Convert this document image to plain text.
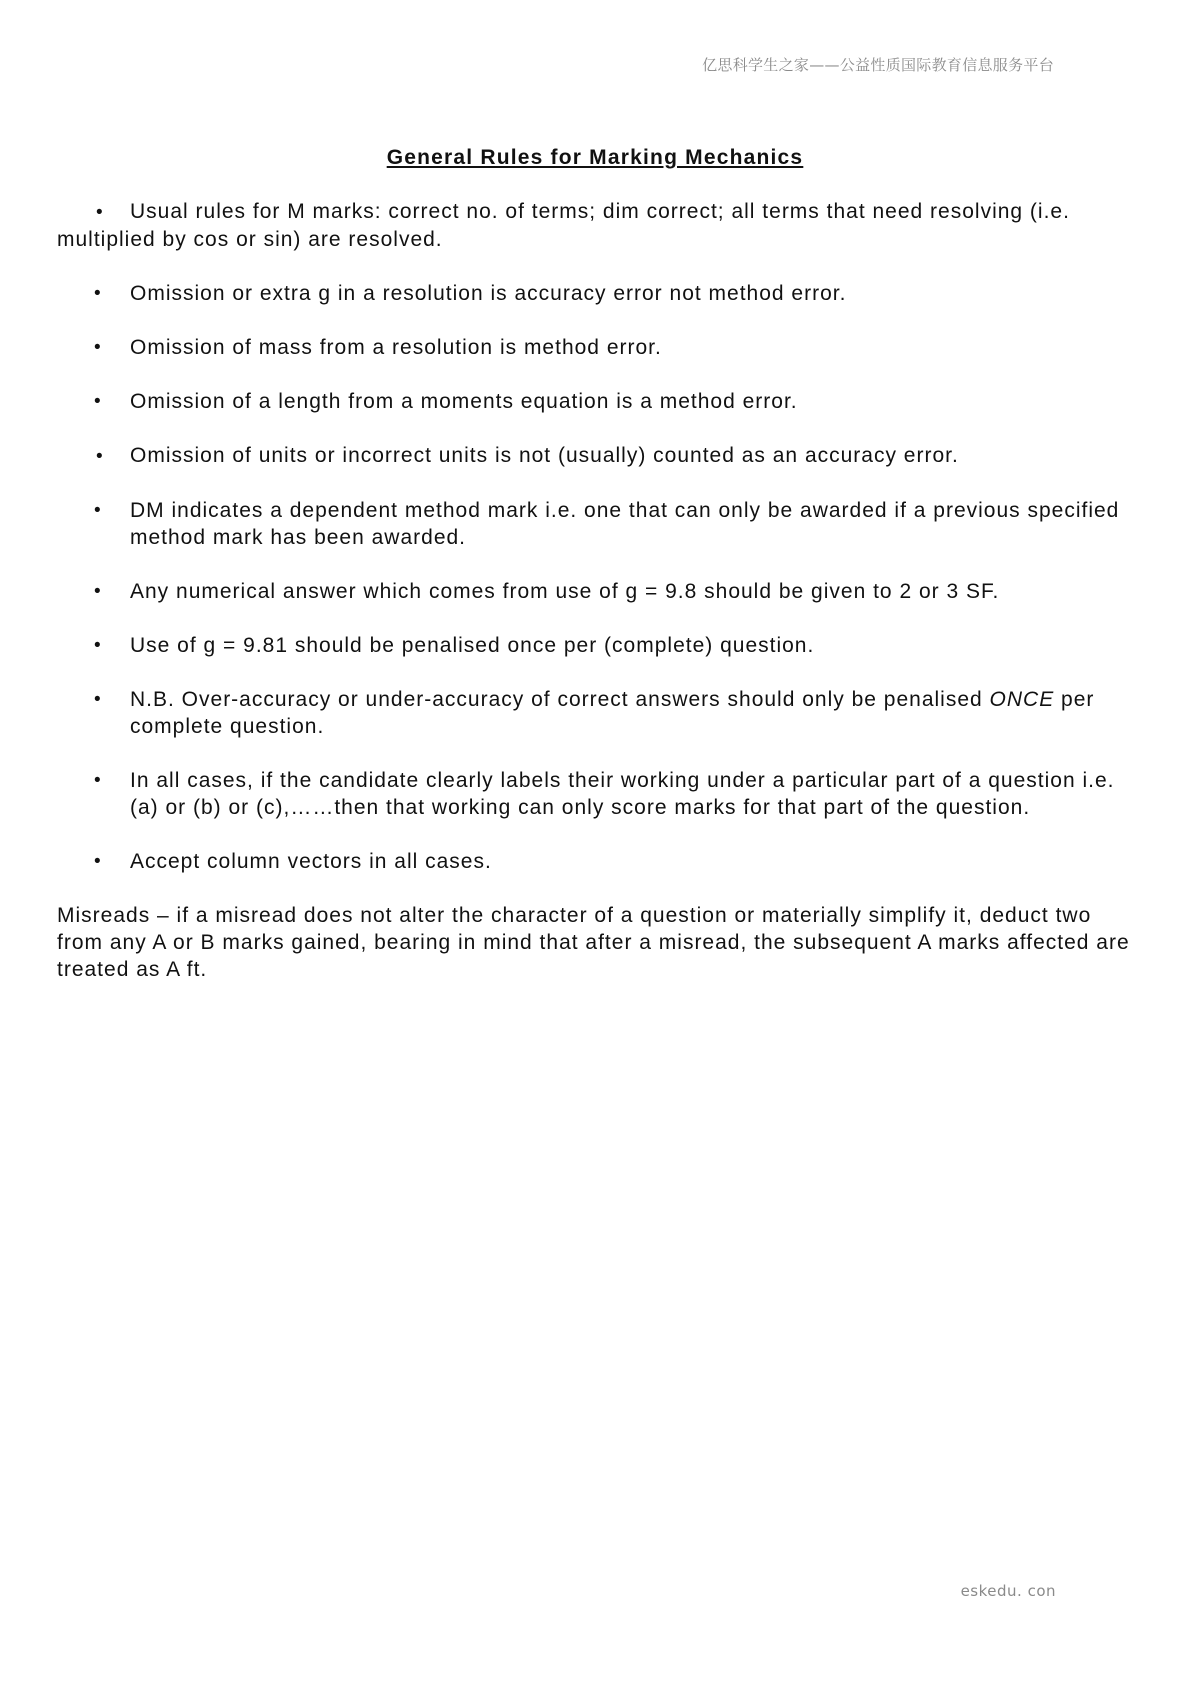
亿思科学生之家——公益性质国际教育信息服务平台
General Rules for Marking Mechanics

• Usual rules for M marks: correct no. of terms; dim correct; all terms that need resolving (i.e. multiplied by cos or sin) are resolved.

•	Omission or extra g in a resolution is accuracy error not method error.

•	Omission of mass from a resolution is method error.

•	Omission of a length from a moments equation is a method error.

• Omission of units or incorrect units is not (usually) counted as an accuracy error.

•	DM indicates a dependent method mark i.e. one that can only be awarded if a previous specified method mark has been awarded.

•	Any numerical answer which comes from use of g = 9.8 should be given to 2 or 3 SF.

•	Use of g = 9.81 should be penalised once per (complete) question.

•	N.B. Over-accuracy or under-accuracy of correct answers should only be penalised ONCE per complete question.

•	In all cases, if the candidate clearly labels their working under a particular part of a question i.e. (a) or (b) or (c),……then that working can only score marks for that part of the question.

•	Accept column vectors in all cases.

Misreads – if a misread does not alter the character of a question or materially simplify it, deduct two from any A or B marks gained, bearing in mind that after a misread, the subsequent A marks affected are treated as A ft.

eskedu. con
